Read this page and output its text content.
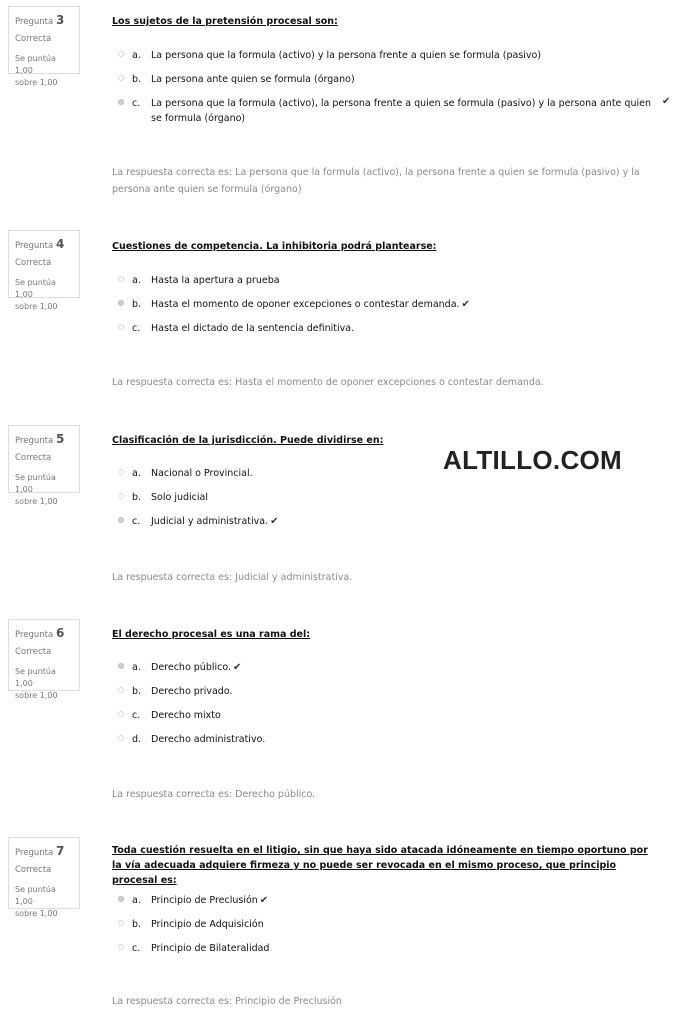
Pregunta 3
Correcta
Se puntúa 1,00
sobre 1,00
Los sujetos de la pretensión procesal son:
a. La persona que la formula (activo) y la persona frente a quien se formula (pasivo)
b. La persona ante quien se formula (órgano)
c. La persona que la formula (activo), la persona frente a quien se formula (pasivo) y la persona ante quien se formula (órgano)
✔
La respuesta correcta es: La persona que la formula (activo), la persona frente a quien se formula (pasivo) y la persona ante quien se formula (órgano)
Pregunta 4
Correcta
Se puntúa 1,00
sobre 1,00
Cuestiones de competencia. La inhibitoria podrá plantearse:
a. Hasta la apertura a prueba
b. Hasta el momento de oponer excepciones o contestar demanda. ✔
c. Hasta el dictado de la sentencia definitiva.
La respuesta correcta es: Hasta el momento de oponer excepciones o contestar demanda.
Pregunta 5
Correcta
Se puntúa 1,00
sobre 1,00
Clasificación de la jurisdicción. Puede dividirse en:
a. Nacional o Provincial.
b. Solo judicial
c. Judicial y administrativa. ✔
La respuesta correcta es: Judicial y administrativa.
Pregunta 6
Correcta
Se puntúa 1,00
sobre 1,00
El derecho procesal es una rama del:
a. Derecho público. ✔
b. Derecho privado.
c. Derecho mixto
d. Derecho administrativo.
La respuesta correcta es: Derecho público.
Pregunta 7
Correcta
Se puntúa 1,00
sobre 1,00
Toda cuestión resuelta en el litigio, sin que haya sido atacada idóneamente en tiempo oportuno por la vía adecuada adquiere firmeza y no puede ser revocada en el mismo proceso, que principio procesal es:
a. Principio de Preclusión ✔
b. Principio de Adquisición
c. Principio de Bilateralidad
La respuesta correcta es: Principio de Preclusión
ALTILLO.COM
